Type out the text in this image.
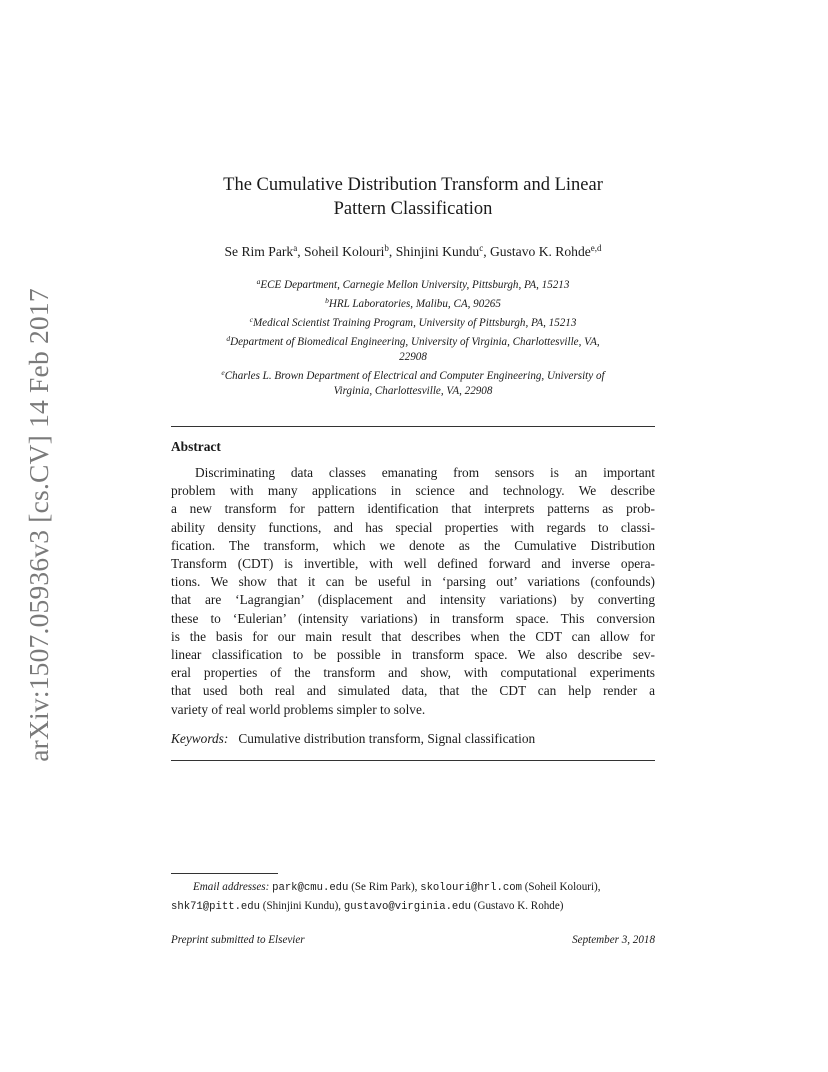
arXiv:1507.05936v3 [cs.CV] 14 Feb 2017
The Cumulative Distribution Transform and Linear
Pattern Classification
Se Rim Park$^a$, Soheil Kolouri$^b$, Shinjini Kundu$^c$, Gustavo K. Rohde$^{e,d}$
$^a$ECE Department, Carnegie Mellon University, Pittsburgh, PA, 15213
$^b$HRL Laboratories, Malibu, CA, 90265
$^c$Medical Scientist Training Program, University of Pittsburgh, PA, 15213
$^d$Department of Biomedical Engineering, University of Virginia, Charlottesville, VA,
22908
$^e$Charles L. Brown Department of Electrical and Computer Engineering, University of
Virginia, Charlottesville, VA, 22908
Abstract
Discriminating data classes emanating from sensors is an important
problem with many applications in science and technology. We describe
a new transform for pattern identification that interprets patterns as prob-
ability density functions, and has special properties with regards to classi-
fication. The transform, which we denote as the Cumulative Distribution
Transform (CDT) is invertible, with well defined forward and inverse opera-
tions. We show that it can be useful in ‘parsing out’ variations (confounds)
that are ‘Lagrangian’ (displacement and intensity variations) by converting
these to ‘Eulerian’ (intensity variations) in transform space. This conversion
is the basis for our main result that describes when the CDT can allow for
linear classification to be possible in transform space. We also describe sev-
eral properties of the transform and show, with computational experiments
that used both real and simulated data, that the CDT can help render a
variety of real world problems simpler to solve.
Keywords: Cumulative distribution transform, Signal classification
Email addresses: park@cmu.edu (Se Rim Park), skolouri@hrl.com (Soheil Kolouri),
shk71@pitt.edu (Shinjini Kundu), gustavo@virginia.edu (Gustavo K. Rohde)
Preprint submitted to Elsevier	September 3, 2018
